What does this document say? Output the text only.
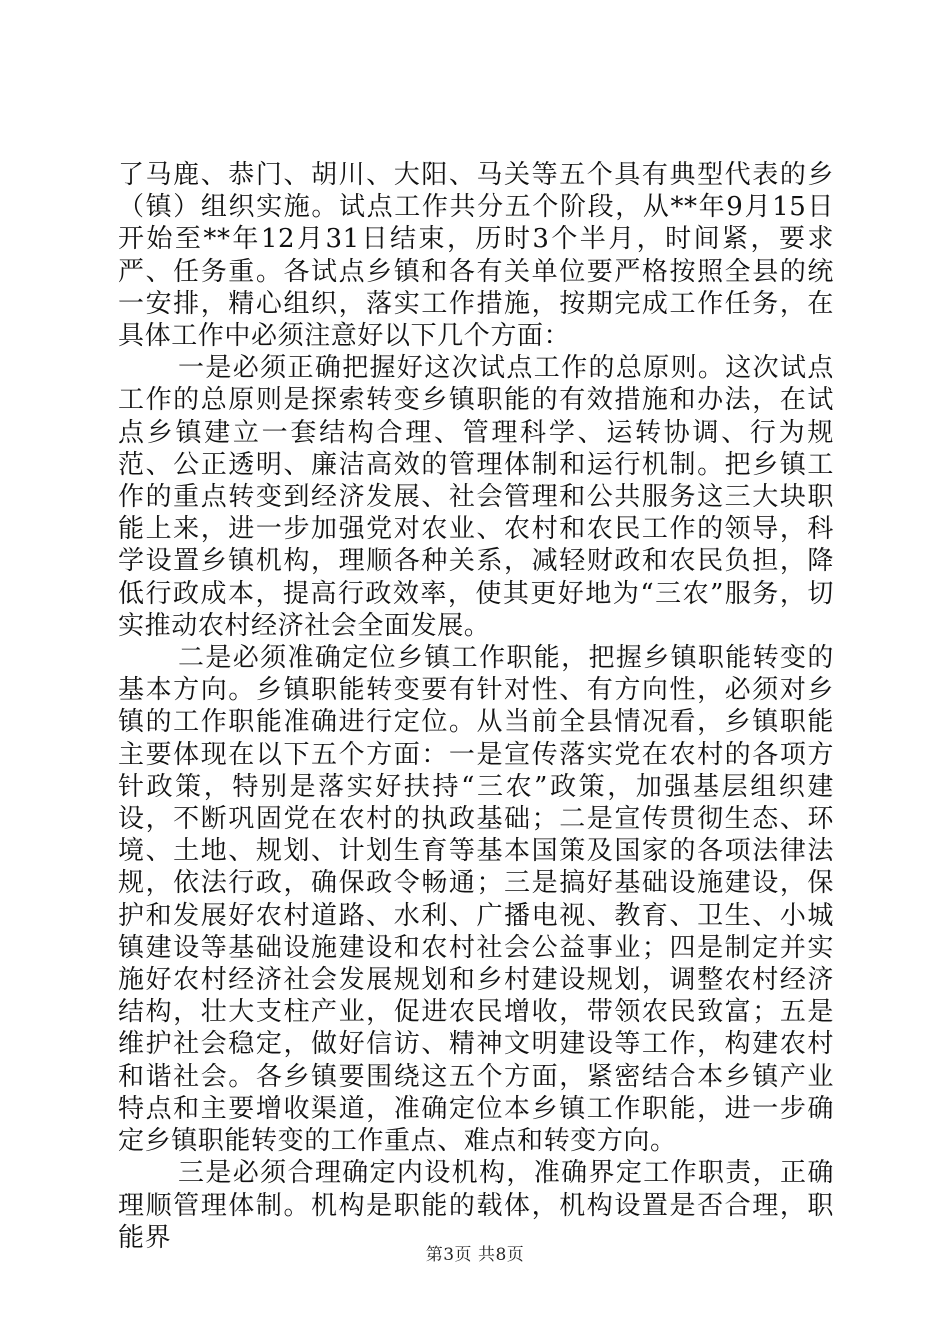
了马鹿、恭门、胡川、大阳、马关等五个具有典型代表的乡（镇）组织实施。试点工作共分五个阶段，从**年9月15日开始至**年12月31日结束，历时3个半月，时间紧，要求严、任务重。各试点乡镇和各有关单位要严格按照全县的统一安排，精心组织，落实工作措施，按期完成工作任务，在具体工作中必须注意好以下几个方面：

一是必须正确把握好这次试点工作的总原则。这次试点工作的总原则是探索转变乡镇职能的有效措施和办法，在试点乡镇建立一套结构合理、管理科学、运转协调、行为规范、公正透明、廉洁高效的管理体制和运行机制。把乡镇工作的重点转变到经济发展、社会管理和公共服务这三大块职能上来，进一步加强党对农业、农村和农民工作的领导，科学设置乡镇机构，理顺各种关系，减轻财政和农民负担，降低行政成本，提高行政效率，使其更好地为“三农”服务，切实推动农村经济社会全面发展。

二是必须准确定位乡镇工作职能，把握乡镇职能转变的基本方向。乡镇职能转变要有针对性、有方向性，必须对乡镇的工作职能准确进行定位。从当前全县情况看，乡镇职能主要体现在以下五个方面：一是宣传落实党在农村的各项方针政策，特别是落实好扶持“三农”政策，加强基层组织建设，不断巩固党在农村的执政基础；二是宣传贯彻生态、环境、土地、规划、计划生育等基本国策及国家的各项法律法规，依法行政，确保政令畅通；三是搞好基础设施建设，保护和发展好农村道路、水利、广播电视、教育、卫生、小城镇建设等基础设施建设和农村社会公益事业；四是制定并实施好农村经济社会发展规划和乡村建设规划，调整农村经济结构，壮大支柱产业，促进农民增收，带领农民致富；五是维护社会稳定，做好信访、精神文明建设等工作，构建农村和谐社会。各乡镇要围绕这五个方面，紧密结合本乡镇产业特点和主要增收渠道，准确定位本乡镇工作职能，进一步确定乡镇职能转变的工作重点、难点和转变方向。

三是必须合理确定内设机构，准确界定工作职责，正确理顺管理体制。机构是职能的载体，机构设置是否合理，职能界

第3页 共8页
